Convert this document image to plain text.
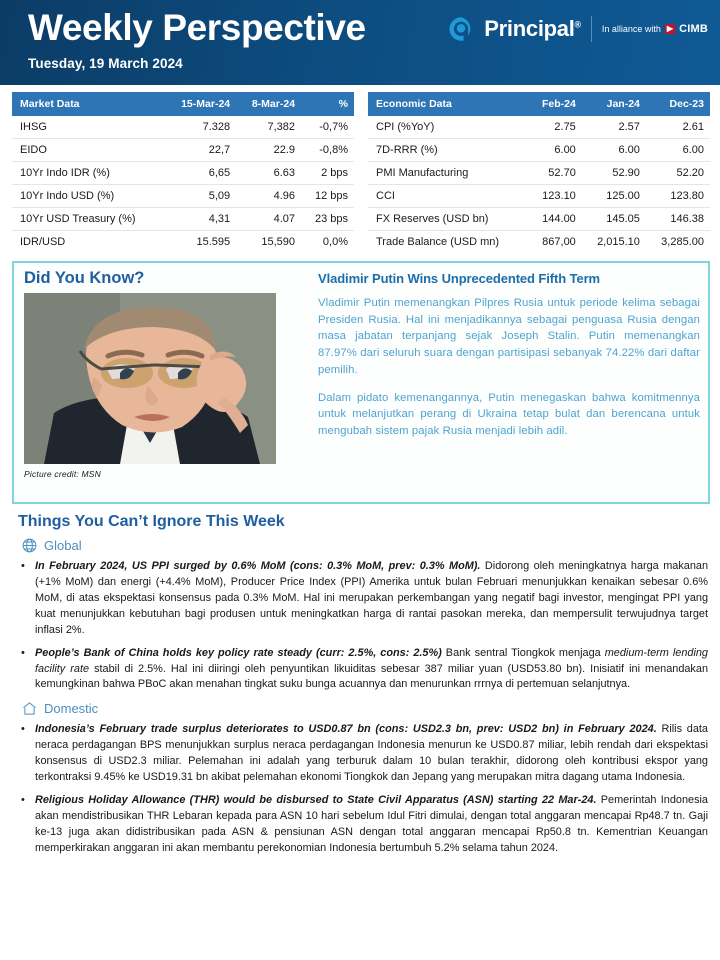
Weekly Perspective
Tuesday, 19 March 2024
Principal® In alliance with ▶ CIMB
Market Data	15-Mar-24	8-Mar-24	%
IHSG	7.328	7,382	-0,7%
EIDO	22,7	22.9	-0,8%
10Yr Indo IDR (%)	6,65	6.63	2 bps
10Yr Indo USD (%)	5,09	4.96	12 bps
10Yr USD Treasury (%)	4,31	4.07	23 bps
IDR/USD	15.595	15,590	0,0%
Economic Data	Feb-24	Jan-24	Dec-23
CPI (%YoY)	2.75	2.57	2.61
7D-RRR (%)	6.00	6.00	6.00
PMI Manufacturing	52.70	52.90	52.20
CCI	123.10	125.00	123.80
FX Reserves (USD bn)	144.00	145.05	146.38
Trade Balance (USD mn)	867,00	2,015.10	3,285.00
Did You Know?
Picture credit: MSN
Vladimir Putin Wins Unprecedented Fifth Term
Vladimir Putin memenangkan Pilpres Rusia untuk periode kelima sebagai Presiden Rusia. Hal ini menjadikannya sebagai penguasa Rusia dengan masa jabatan terpanjang sejak Joseph Stalin. Putin memenangkan 87.97% dari seluruh suara dengan partisipasi sebanyak 74.22% dari daftar pemilih.
Dalam pidato kemenangannya, Putin menegaskan bahwa komitmennya untuk melanjutkan perang di Ukraina tetap bulat dan berencana untuk mengubah sistem pajak Rusia menjadi lebih adil.
Things You Can’t Ignore This Week
Global
• In February 2024, US PPI surged by 0.6% MoM (cons: 0.3% MoM, prev: 0.3% MoM). Didorong oleh meningkatnya harga makanan (+1% MoM) dan energi (+4.4% MoM), Producer Price Index (PPI) Amerika untuk bulan Februari menunjukkan kenaikan sebesar 0.6% MoM, di atas ekspektasi konsensus pada 0.3% MoM. Hal ini merupakan perkembangan yang negatif bagi investor, mengingat PPI yang kuat menunjukkan kebutuhan bagi produsen untuk meningkatkan harga di rantai pasokan mereka, dan mempersulit terwujudnya target inflasi 2%.
• People’s Bank of China holds key policy rate steady (curr: 2.5%, cons: 2.5%) Bank sentral Tiongkok menjaga medium-term lending facility rate stabil di 2.5%. Hal ini diiringi oleh penyuntikan likuiditas sebesar 387 miliar yuan (USD53.80 bn). Inisiatif ini menandakan kemungkinan bahwa PBoC akan menahan tingkat suku bunga acuannya dan menurunkan rrrnya di pertemuan selanjutnya.
Domestic
• Indonesia’s February trade surplus deteriorates to USD0.87 bn (cons: USD2.3 bn, prev: USD2 bn) in February 2024. Rilis data neraca perdagangan BPS menunjukkan surplus neraca perdagangan Indonesia menurun ke USD0.87 miliar, lebih rendah dari ekspektasi konsensus di USD2.3 miliar. Pelemahan ini adalah yang terburuk dalam 10 bulan terakhir, didorong oleh kontribusi ekspor yang terkontraksi 9.45% ke USD19.31 bn akibat pelemahan ekonomi Tiongkok dan Jepang yang merupakan mitra dagang utama Indonesia.
• Religious Holiday Allowance (THR) would be disbursed to State Civil Apparatus (ASN) starting 22 Mar-24. Pemerintah Indonesia akan mendistribusikan THR Lebaran kepada para ASN 10 hari sebelum Idul Fitri dimulai, dengan total anggaran mencapai Rp48.7 tn. Gaji ke-13 juga akan didistribusikan pada ASN & pensiunan ASN dengan total anggaran mencapai Rp50.8 tn. Kementrian Keuangan memperkirakan anggaran ini akan membantu perekonomian Indonesia bertumbuh 5.2% selama tahun 2024.
